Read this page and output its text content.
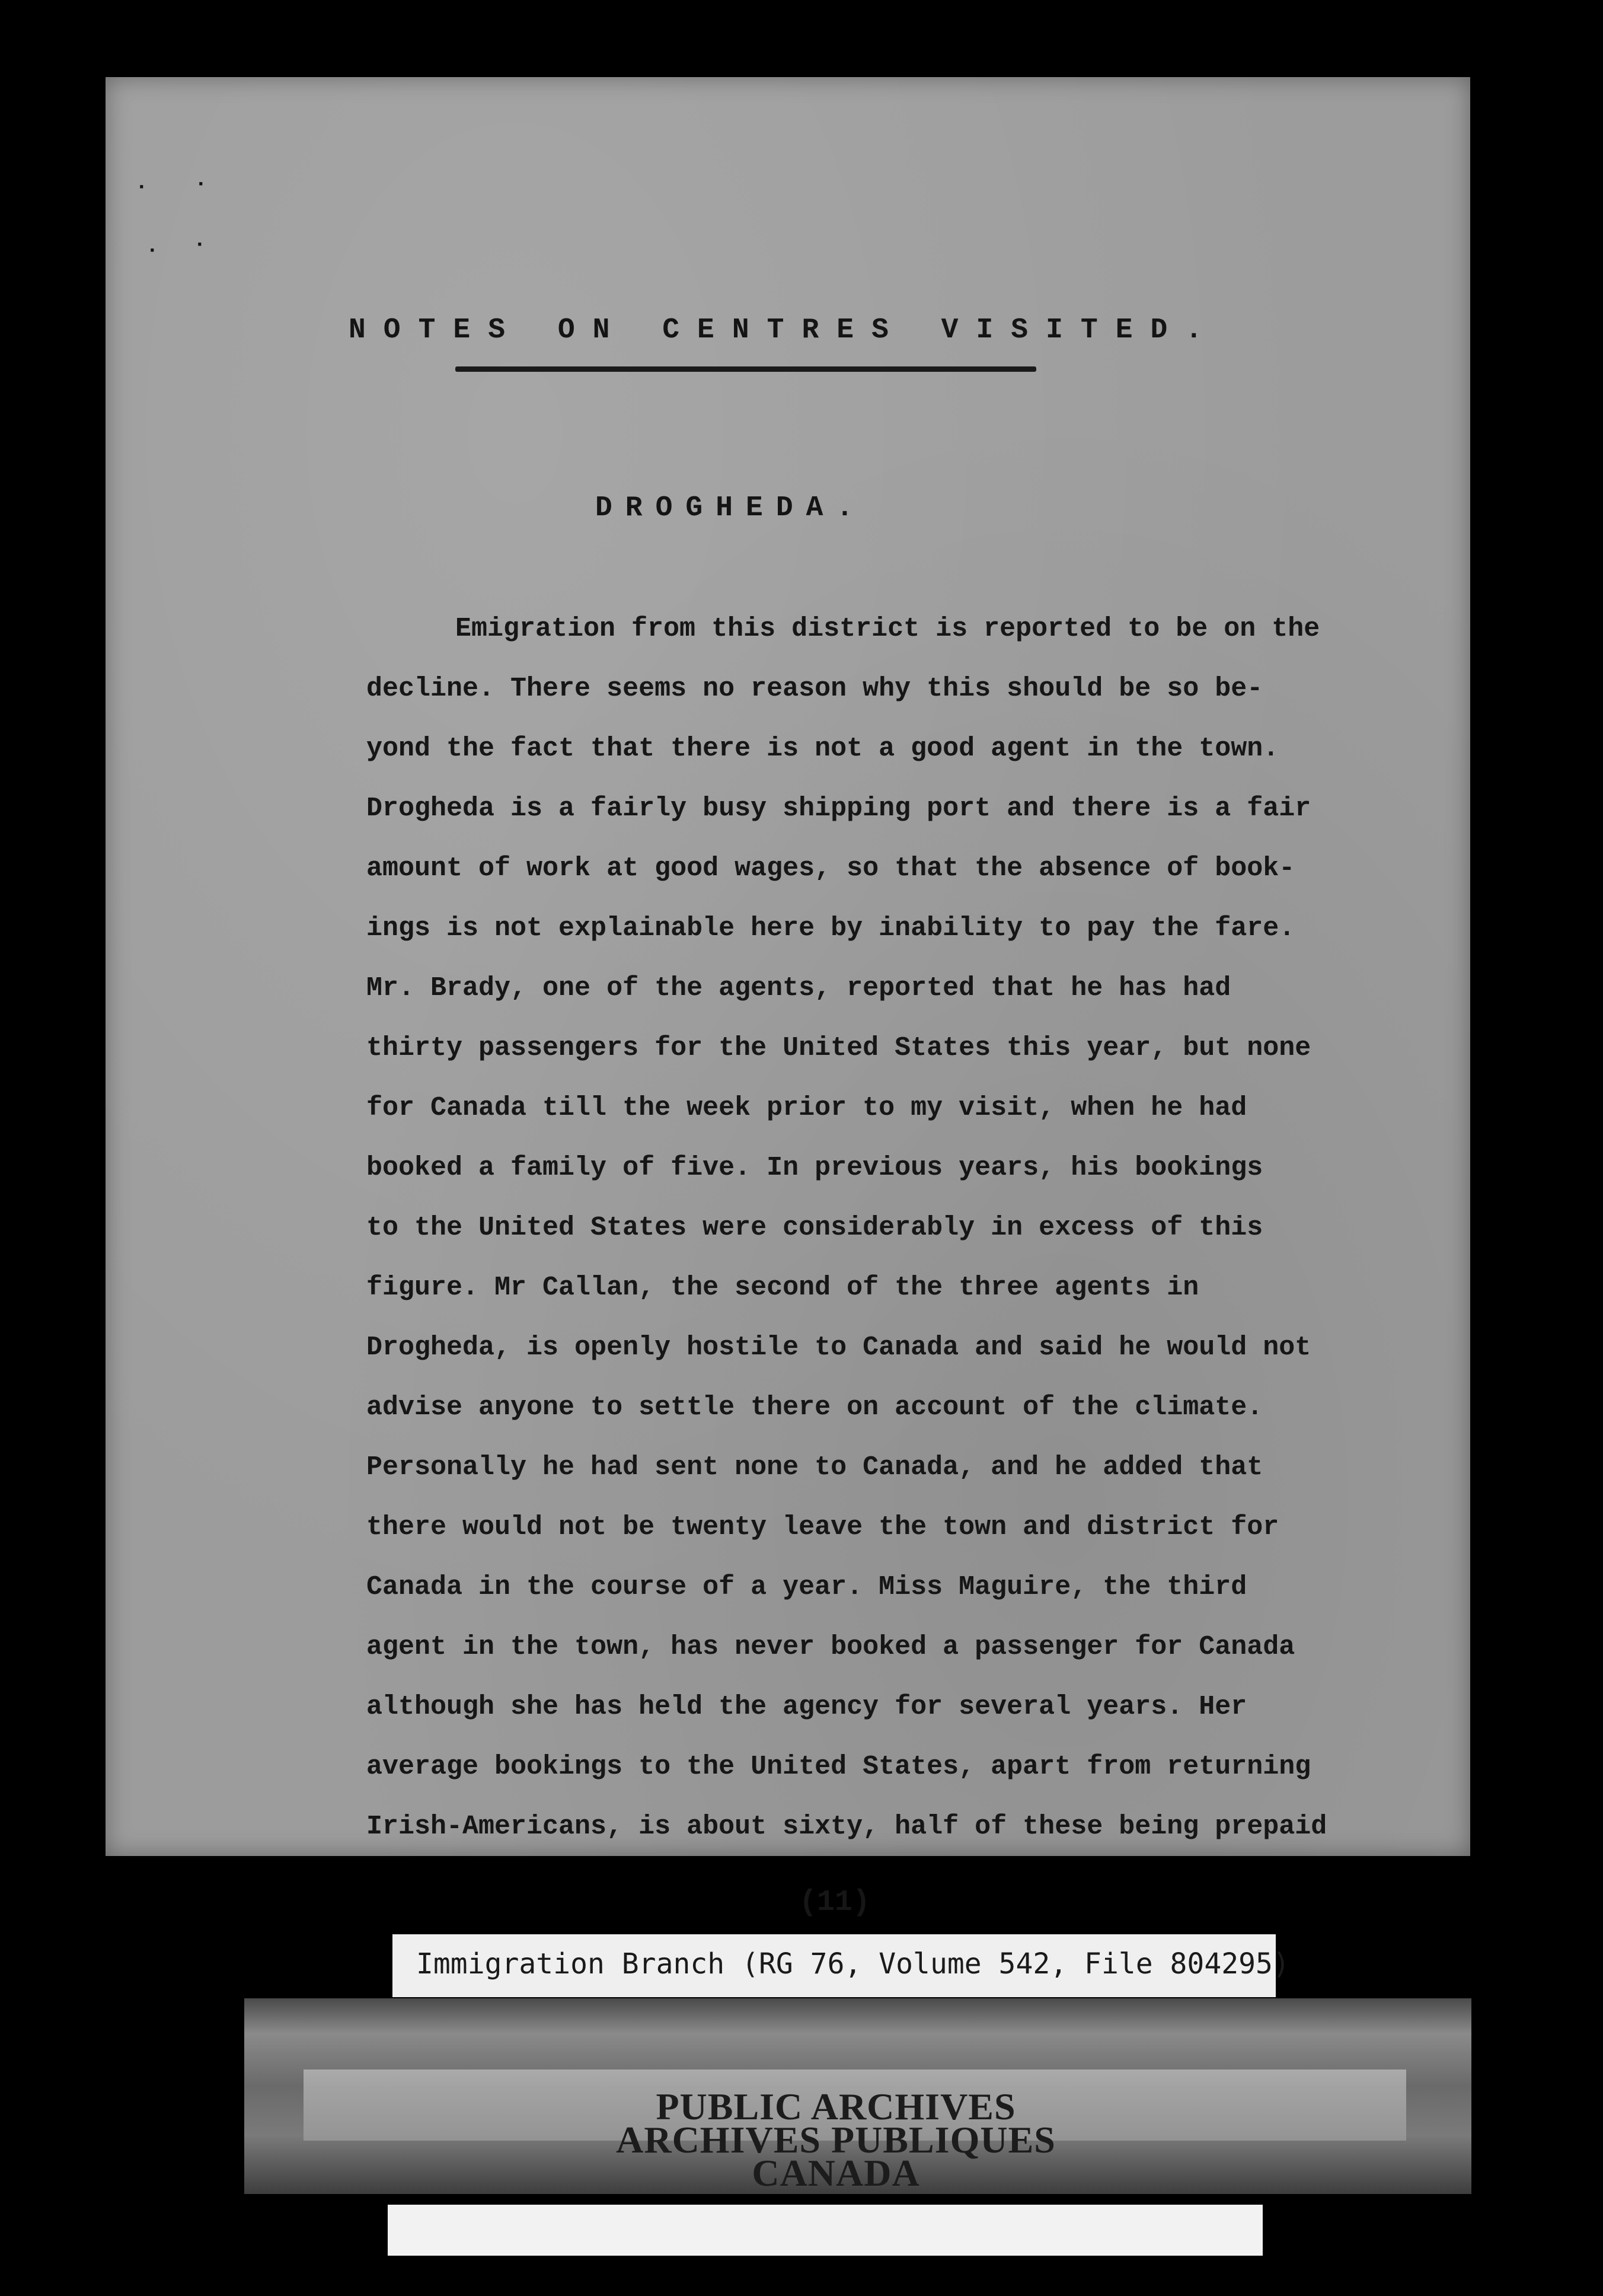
· ·
· ·
NOTES ON CENTRES VISITED.
DROGHEDA.
Emigration from this district is reported to be on the
decline. There seems no reason why this should be so be-
yond the fact that there is not a good agent in the town.
Drogheda is a fairly busy shipping port and there is a fair
amount of work at good wages, so that the absence of book-
ings is not explainable here by inability to pay the fare.
Mr. Brady, one of the agents, reported that he has had
thirty passengers for the United States this year, but none
for Canada till the week prior to my visit, when he had
booked a family of five. In previous years, his bookings
to the United States were considerably in excess of this
figure. Mr Callan, the second of the three agents in
Drogheda, is openly hostile to Canada and said he would not
advise anyone to settle there on account of the climate.
Personally he had sent none to Canada, and he added that
there would not be twenty leave the town and district for
Canada in the course of a year. Miss Maguire, the third
agent in the town, has never booked a passenger for Canada
although she has held the agency for several years. Her
average bookings to the United States, apart from returning
Irish-Americans, is about sixty, half of these being prepaid
(11)
Immigration Branch (RG 76, Volume 542, File 804295)
PUBLIC ARCHIVES
ARCHIVES PUBLIQUES
CANADA
